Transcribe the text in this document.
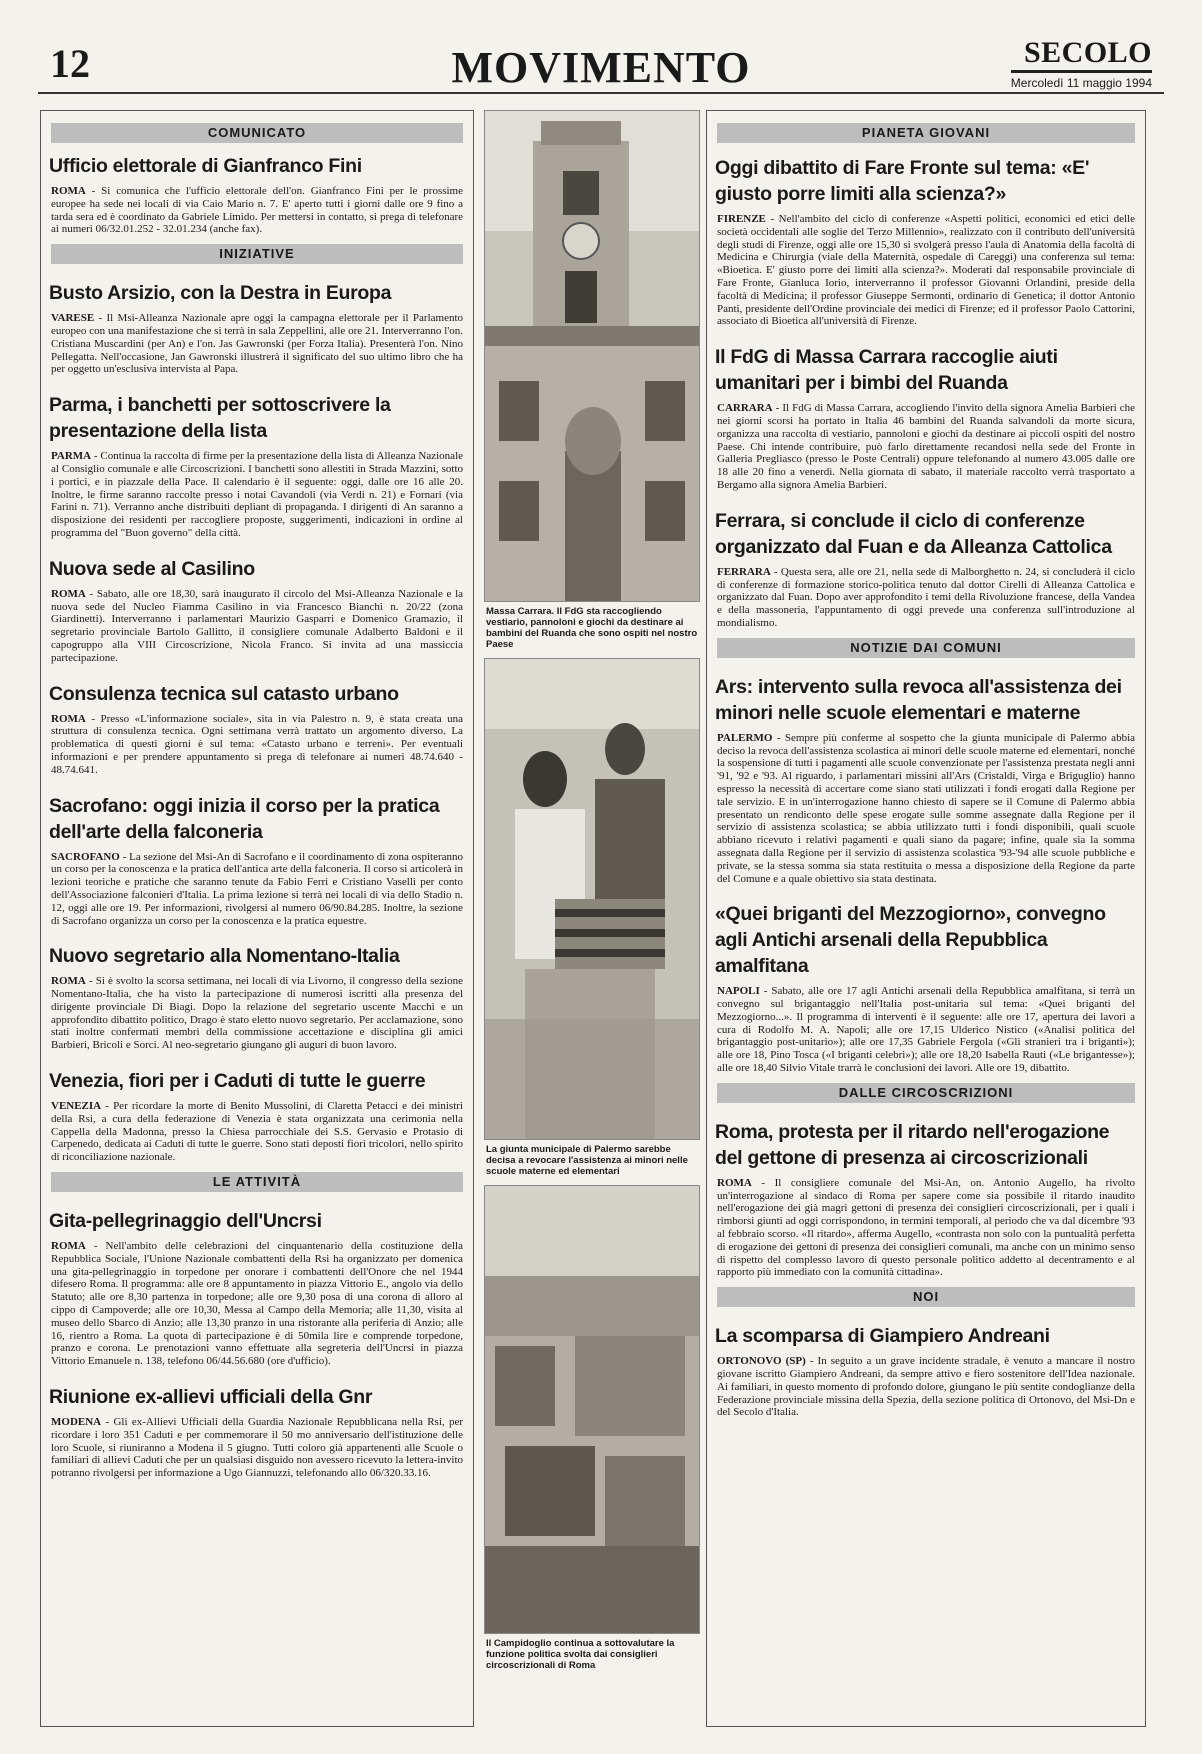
12	MOVIMENTO	SECOLO
Mercoledì 11 maggio 1994
COMUNICATO
Ufficio elettorale di Gianfranco Fini

ROMA - Si comunica che l'ufficio elettorale dell'on. Gianfranco Fini per le prossime europee ha sede nei locali di via Caio Mario n. 7. E' aperto tutti i giorni dalle ore 9 fino a tarda sera ed è coordinato da Gabriele Limido. Per mettersi in contatto, si prega di telefonare ai numeri 06/32.01.252 - 32.01.234 (anche fax).

INIZIATIVE
Busto Arsizio, con la Destra in Europa

VARESE - Il Msi-Alleanza Nazionale apre oggi la campagna elettorale per il Parlamento europeo con una manifestazione che si terrà in sala Zeppellini, alle ore 21. Interverranno l'on. Cristiana Muscardini (per An) e l'on. Jas Gawronski (per Forza Italia). Presenterà l'on. Nino Pellegatta. Nell'occasione, Jan Gawronski illustrerà il significato del suo ultimo libro che ha per oggetto un'esclusiva intervista al Papa.

Parma, i banchetti per sottoscrivere la presentazione della lista

PARMA - Continua la raccolta di firme per la presentazione della lista di Alleanza Nazionale al Consiglio comunale e alle Circoscrizioni. I banchetti sono allestiti in Strada Mazzini, sotto i portici, e in piazzale della Pace. Il calendario è il seguente: oggi, dalle ore 16 alle 20. Inoltre, le firme saranno raccolte presso i notai Cavandoli (via Verdi n. 21) e Fornari (via Farini n. 71). Verranno anche distribuiti depliant di propaganda. I dirigenti di An saranno a disposizione dei residenti per raccogliere proposte, suggerimenti, indicazioni in ordine al programma del "Buon governo" della città.

Nuova sede al Casilino

ROMA - Sabato, alle ore 18,30, sarà inaugurato il circolo del Msi-Alleanza Nazionale e la nuova sede del Nucleo Fiamma Casilino in via Francesco Bianchi n. 20/22 (zona Giardinetti). Interverranno i parlamentari Maurizio Gasparri e Domenico Gramazio, il segretario provinciale Bartolo Gallitto, il consigliere comunale Adalberto Baldoni e il capogruppo alla VIII Circoscrizione, Nicola Franco. Si invita ad una massiccia partecipazione.

Consulenza tecnica sul catasto urbano

ROMA - Presso «L'informazione sociale», sita in via Palestro n. 9, è stata creata una struttura di consulenza tecnica. Ogni settimana verrà trattato un argomento diverso. La problematica di questi giorni è sul tema: «Catasto urbano e terreni». Per eventuali informazioni e per prendere appuntamento si prega di telefonare ai numeri 48.74.640 - 48.74.641.

Sacrofano: oggi inizia il corso per la pratica dell'arte della falconeria

SACROFANO - La sezione del Msi-An di Sacrofano e il coordinamento di zona ospiteranno un corso per la conoscenza e la pratica dell'antica arte della falconeria. Il corso si articolerà in lezioni teoriche e pratiche che saranno tenute da Fabio Ferri e Cristiano Vaselli per conto dell'Associazione falconieri d'Italia. La prima lezione si terrà nei locali di via dello Stadio n. 12, oggi alle ore 19. Per informazioni, rivolgersi al numero 06/90.84.285. Inoltre, la sezione di Sacrofano organizza un corso per la conoscenza e la pratica equestre.

Nuovo segretario alla Nomentano-Italia

ROMA - Si è svolto la scorsa settimana, nei locali di via Livorno, il congresso della sezione Nomentano-Italia, che ha visto la partecipazione di numerosi iscritti alla presenza del dirigente provinciale Di Biagi. Dopo la relazione del segretario uscente Macchi e un approfondito dibattito politico, Drago è stato eletto nuovo segretario. Per acclamazione, sono stati inoltre confermati membri della commissione accettazione e disciplina gli amici Barbieri, Bricoli e Sorci. Al neo-segretario giungano gli auguri di buon lavoro.

Venezia, fiori per i Caduti di tutte le guerre

VENEZIA - Per ricordare la morte di Benito Mussolini, di Claretta Petacci e dei ministri della Rsi, a cura della federazione di Venezia è stata organizzata una cerimonia nella Cappella della Madonna, presso la Chiesa parrocchiale dei S.S. Gervasio e Protasio di Carpenedo, dedicata ai Caduti di tutte le guerre. Sono stati deposti fiori tricolori, nello spirito di riconciliazione nazionale.

LE ATTIVITÀ
Gita-pellegrinaggio dell'Uncrsi

ROMA - Nell'ambito delle celebrazioni del cinquantenario della costituzione della Repubblica Sociale, l'Unione Nazionale combattenti della Rsi ha organizzato per domenica una gita-pellegrinaggio in torpedone per onorare i combattenti dell'Onore che nel 1944 difesero Roma. Il programma: alle ore 8 appuntamento in piazza Vittorio E., angolo via dello Statuto; alle ore 8,30 partenza in torpedone; alle ore 9,30 posa di una corona di alloro al cippo di Campoverde; alle ore 10,30, Messa al Campo della Memoria; alle 11,30, visita al museo dello Sbarco di Anzio; alle 13,30 pranzo in una ristorante alla periferia di Anzio; alle 16, rientro a Roma. La quota di partecipazione è di 50mila lire e comprende torpedone, pranzo e corona. Le prenotazioni vanno effettuate alla segreteria dell'Uncrsi in piazza Vittorio Emanuele n. 138, telefono 06/44.56.680 (ore d'ufficio).

Riunione ex-allievi ufficiali della Gnr

MODENA - Gli ex-Allievi Ufficiali della Guardia Nazionale Repubblicana nella Rsi, per ricordare i loro 351 Caduti e per commemorare il 50 mo anniversario dell'istituzione delle loro Scuole, si riuniranno a Modena il 5 giugno. Tutti coloro già appartenenti alle Scuole o familiari di allievi Caduti che per un qualsiasi disguido non avessero ricevuto la lettera-invito potranno rivolgersi per informazione a Ugo Giannuzzi, telefonando allo 06/320.33.16.

Massa Carrara. Il FdG sta raccogliendo vestiario, pannoloni e giochi da destinare ai bambini del Ruanda che sono ospiti nel nostro Paese
La giunta municipale di Palermo sarebbe decisa a revocare l'assistenza ai minori nelle scuole materne ed elementari
Il Campidoglio continua a sottovalutare la funzione politica svolta dai consiglieri circoscrizionali di Roma
PIANETA GIOVANI
Oggi dibattito di Fare Fronte sul tema: «E' giusto porre limiti alla scienza?»

FIRENZE - Nell'ambito del ciclo di conferenze «Aspetti politici, economici ed etici delle società occidentali alle soglie del Terzo Millennio», realizzato con il contributo dell'università degli studi di Firenze, oggi alle ore 15,30 si svolgerà presso l'aula di Anatomia della facoltà di Medicina e Chirurgia (viale della Maternità, ospedale di Careggi) una conferenza sul tema: «Bioetica. E' giusto porre dei limiti alla scienza?». Moderati dal responsabile provinciale di Fare Fronte, Gianluca Iorio, interverranno il professor Giovanni Orlandini, preside della facoltà di Medicina; il professor Giuseppe Sermonti, ordinario di Genetica; il dottor Antonio Panti, presidente dell'Ordine provinciale dei medici di Firenze; ed il professor Paolo Cattorini, associato di Bioetica all'università di Firenze.

Il FdG di Massa Carrara raccoglie aiuti umanitari per i bimbi del Ruanda

CARRARA - Il FdG di Massa Carrara, accogliendo l'invito della signora Amelia Barbieri che nei giorni scorsi ha portato in Italia 46 bambini del Ruanda salvandoli da morte sicura, organizza una raccolta di vestiario, pannoloni e giochi da destinare ai piccoli ospiti del nostro Paese. Chi intende contribuire, può farlo direttamente recandosi nella sede del Fronte in Galleria Pregliasco (presso le Poste Centrali) oppure telefonando al numero 43.005 dalle ore 18 alle 20 fino a venerdì. Nella giornata di sabato, il materiale raccolto verrà trasportato a Bergamo alla signora Amelia Barbieri.

Ferrara, si conclude il ciclo di conferenze organizzato dal Fuan e da Alleanza Cattolica

FERRARA - Questa sera, alle ore 21, nella sede di Malborghetto n. 24, si concluderà il ciclo di conferenze di formazione storico-politica tenuto dal dottor Cirelli di Alleanza Cattolica e organizzato dal Fuan. Dopo aver approfondito i temi della Rivoluzione francese, della Vandea e della massoneria, l'appuntamento di oggi prevede una conferenza sull'introduzione al mondialismo.

NOTIZIE DAI COMUNI
Ars: intervento sulla revoca all'assistenza dei minori nelle scuole elementari e materne

PALERMO - Sempre più conferme al sospetto che la giunta municipale di Palermo abbia deciso la revoca dell'assistenza scolastica ai minori delle scuole materne ed elementari, nonché la sospensione di tutti i pagamenti alle scuole convenzionate per l'assistenza prestata negli anni '91, '92 e '93. Al riguardo, i parlamentari missini all'Ars (Cristaldi, Virga e Briguglio) hanno espresso la necessità di accertare come siano stati utilizzati i fondi erogati dalla Regione per tale servizio. E in un'interrogazione hanno chiesto di sapere se il Comune di Palermo abbia presentato un rendiconto delle spese erogate sulle somme assegnate dalla Regione per il servizio di assistenza scolastica; se abbia utilizzato tutti i fondi disponibili, quali scuole abbiano ricevuto i relativi pagamenti e quali siano da pagare; infine, quale sia la somma assegnata dalla Regione per il servizio di assistenza scolastica '93-'94 alle scuole pubbliche e private, se la stessa somma sia stata restituita o messa a disposizione della Regione da parte del Comune e a quale obiettivo sia stata destinata.

«Quei briganti del Mezzogiorno», convegno agli Antichi arsenali della Repubblica amalfitana

NAPOLI - Sabato, alle ore 17 agli Antichi arsenali della Repubblica amalfitana, si terrà un convegno sul brigantaggio nell'Italia post-unitaria sul tema: «Quei briganti del Mezzogiorno...». Il programma di interventi è il seguente: alle ore 17, apertura dei lavori a cura di Rodolfo M. A. Napoli; alle ore 17,15 Ulderico Nistico («Analisi politica del brigantaggio post-unitario»); alle ore 17,35 Gabriele Fergola («Gli stranieri tra i briganti»); alle ore 18, Pino Tosca («I briganti celebri»); alle ore 18,20 Isabella Rauti («Le brigantesse»); alle ore 18,40 Silvio Vitale trarrà le conclusioni dei lavori. Alle ore 19, dibattito.

DALLE CIRCOSCRIZIONI
Roma, protesta per il ritardo nell'erogazione del gettone di presenza ai circoscrizionali

ROMA - Il consigliere comunale del Msi-An, on. Antonio Augello, ha rivolto un'interrogazione al sindaco di Roma per sapere come sia possibile il ritardo inaudito nell'erogazione dei già magri gettoni di presenza dei consiglieri circoscrizionali, per i quali i rimborsi giunti ad oggi corrispondono, in termini temporali, al periodo che va dal dicembre '93 al febbraio scorso. «Il ritardo», afferma Augello, «contrasta non solo con la puntualità perfetta di erogazione dei gettoni di presenza dei consiglieri comunali, ma anche con un minimo senso di rispetto del complesso lavoro di questo personale politico addetto al decentramento e al rapporto più immediato con la comunità cittadina».

NOI
La scomparsa di Giampiero Andreani

ORTONOVO (SP) - In seguito a un grave incidente stradale, è venuto a mancare il nostro giovane iscritto Giampiero Andreani, da sempre attivo e fiero sostenitore dell'Idea nazionale. Ai familiari, in questo momento di profondo dolore, giungano le più sentite condoglianze della Federazione provinciale missina della Spezia, della sezione politica di Ortonovo, del Msi-Dn e del Secolo d'Italia.
